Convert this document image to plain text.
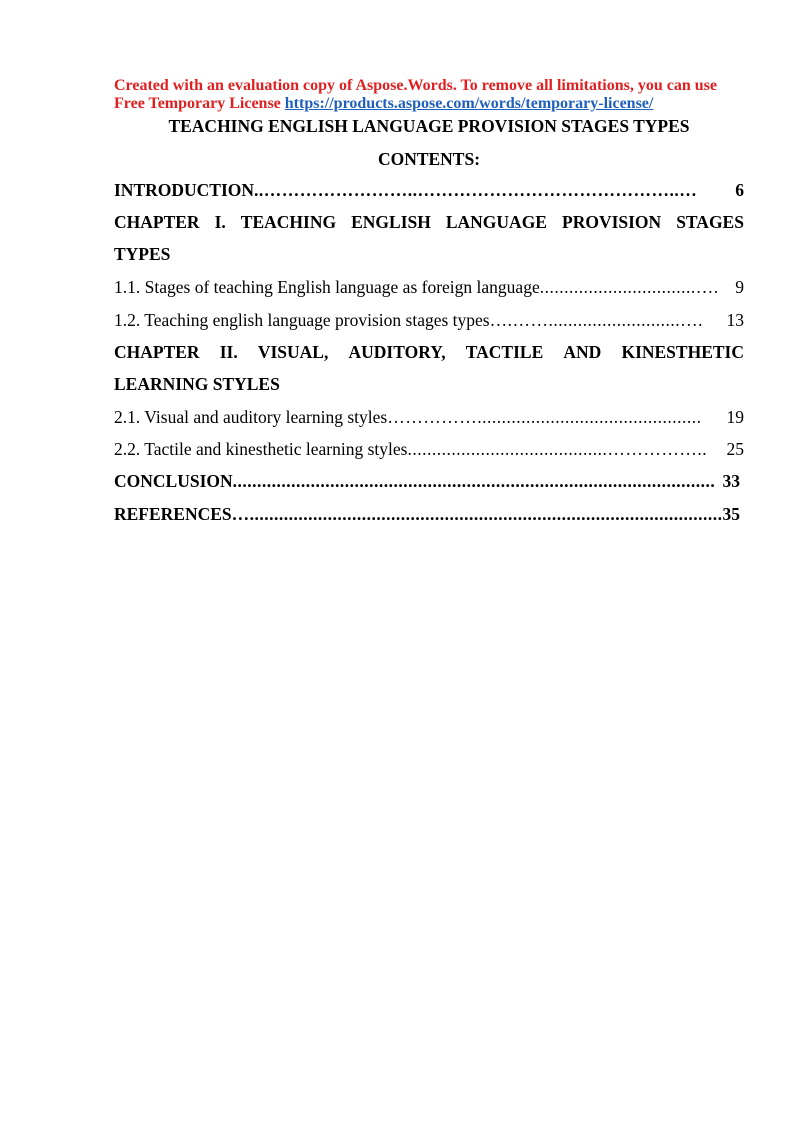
Created with an evaluation copy of Aspose.Words. To remove all limitations, you can use
Free Temporary License https://products.aspose.com/words/temporary-license/
TEACHING ENGLISH LANGUAGE PROVISION STAGES TYPES
CONTENTS:
INTRODUCTION ..……………………..……………………………………..…	6
CHAPTER I. TEACHING ENGLISH LANGUAGE PROVISION STAGES
TYPES
1.1. Stages of teaching English language as foreign language ................................…. 9
1.2. Teaching english language provision stages types ….……...........................….	13
CHAPTER II. VISUAL, AUDITORY, TACTILE AND KINESTHETIC
LEARNING STYLES
2.1. Visual and auditory learning styles ……………..............................................	19
2.2. Tactile and kinesthetic learning styles .........................................……………..	25
CONCLUSION ................................................................................................... 33
REFERENCES …................................................................................................. 35
